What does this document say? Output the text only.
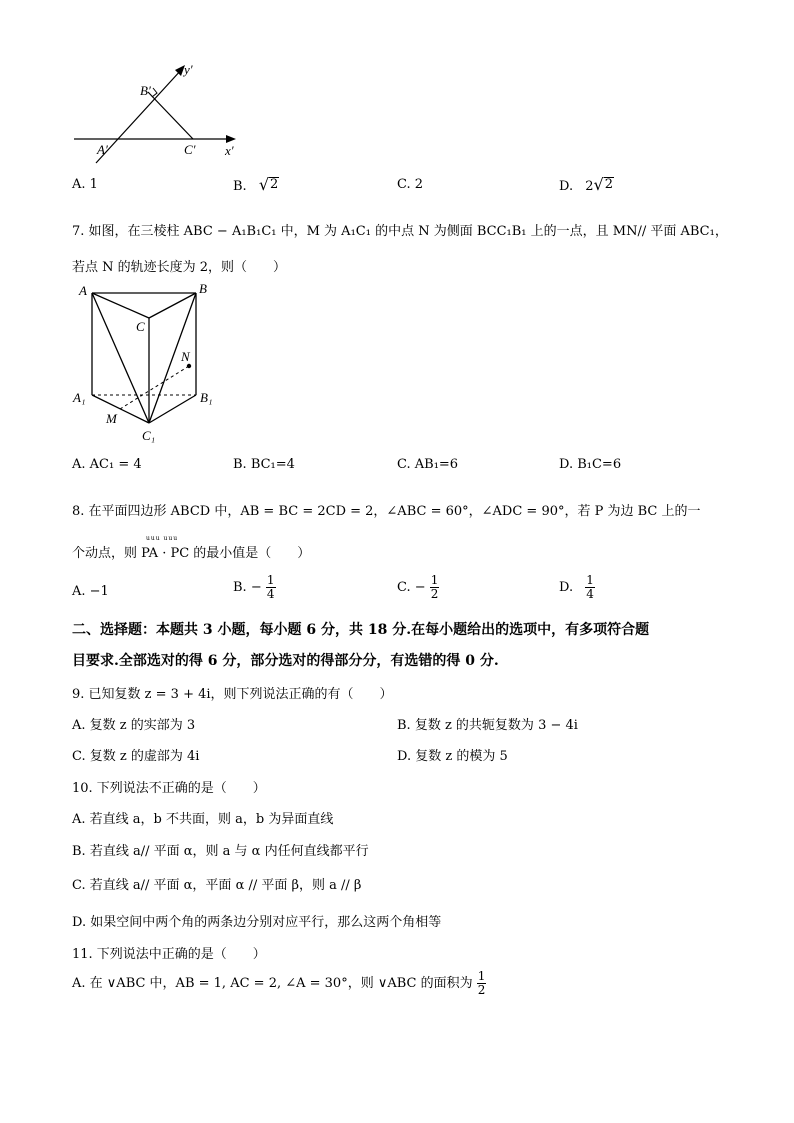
y′
x′
B′
A′	C′
A. 1	B. √ 2	C. 2	D. 2 √ 2
7. 如图，在三棱柱 ABC − A₁B₁C₁ 中，M 为 A₁C₁ 的中点 N 为侧面 BCC₁B₁ 上的一点，且 MN// 平面 ABC₁，
若点 N 的轨迹长度为 2，则（　　）
A	B
C
N
A₁	B₁
M
C₁
A. AC₁ = 4	B. BC₁=4	C. AB₁=6	D. B₁C=6
8. 在平面四边形 ABCD 中，AB = BC = 2CD = 2，∠ABC = 60°，∠ADC = 90°，若 P 为边 BC 上的一
uuu uuu
个动点，则 PA · PC 的最小值是（　　）
A. −1	B. − $\frac{1}{4}$	C. − $\frac{1}{2}$	D. $\frac{1}{4}$
二、选择题：本题共 3 小题，每小题 6 分，共 18 分.在每小题给出的选项中，有多项符合题
目要求.全部选对的得 6 分，部分选对的得部分分，有选错的得 0 分.
9. 已知复数 z = 3 + 4i，则下列说法正确的有（　　）
A. 复数 z 的实部为 3	B. 复数 z 的共轭复数为 3 − 4i
C. 复数 z 的虚部为 4i	D. 复数 z 的模为 5
10. 下列说法不正确的是（　　）
A. 若直线 a，b 不共面，则 a，b 为异面直线
B. 若直线 a// 平面 α，则 a 与 α 内任何直线都平行
C. 若直线 a// 平面 α，平面 α // 平面 β，则 a // β
D. 如果空间中两个角的两条边分别对应平行，那么这两个角相等
11. 下列说法中正确的是（　　）
A. 在 ∨ABC 中，AB = 1, AC = 2, ∠A = 30°，则 ∨ABC 的面积为 $\frac{1}{2}$
